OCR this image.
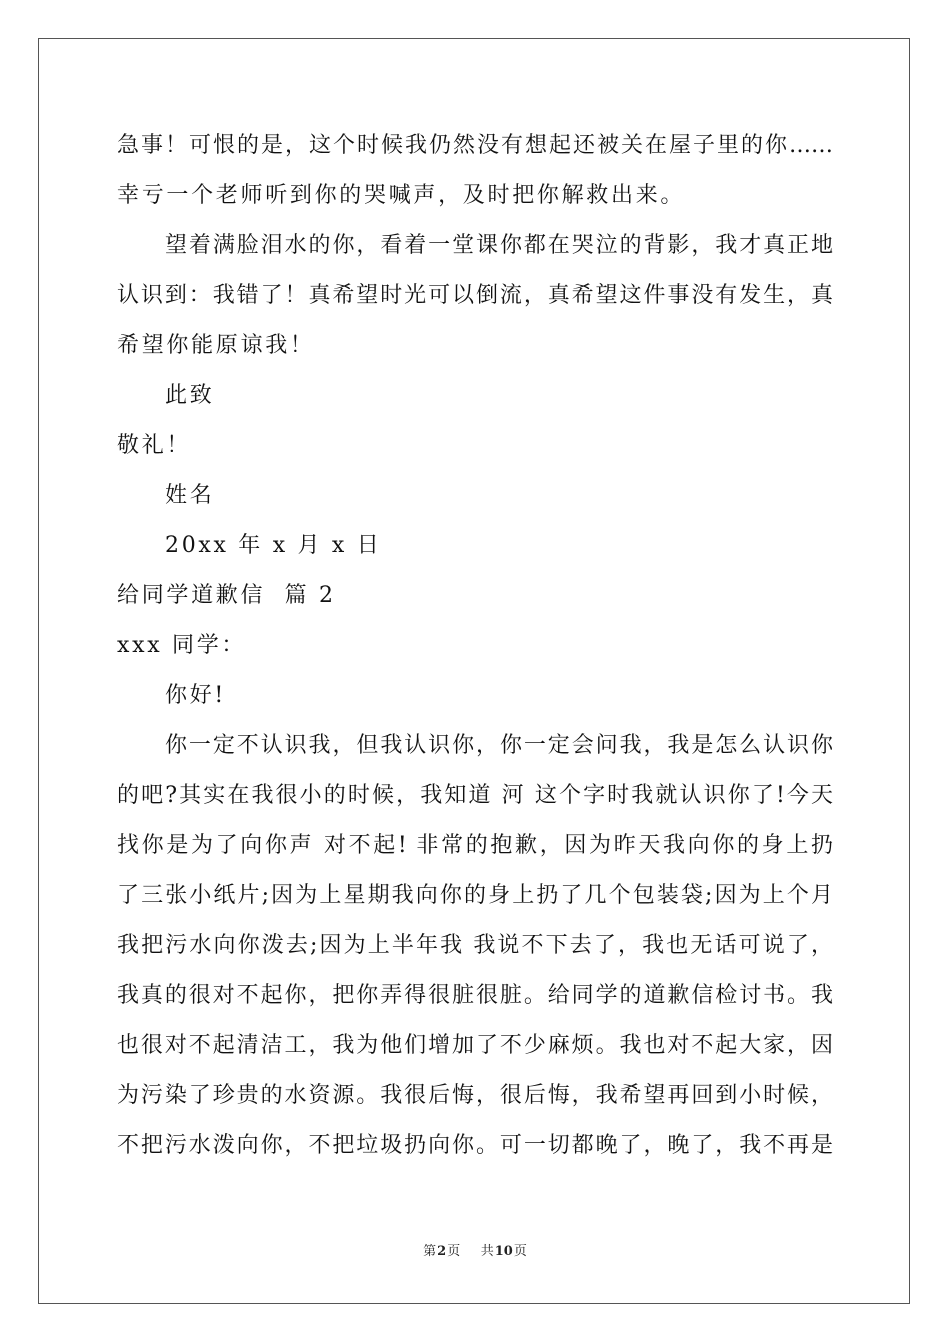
急事！可恨的是，这个时候我仍然没有想起还被关在屋子里的你……
幸亏一个老师听到你的哭喊声，及时把你解救出来。
望着满脸泪水的你，看着一堂课你都在哭泣的背影，我才真正地
认识到：我错了！真希望时光可以倒流，真希望这件事没有发生，真
希望你能原谅我！
此致
敬礼！
姓名
20xx 年 x 月 x 日
给同学道歉信  篇 2
xxx 同学：
你好!
你一定不认识我，但我认识你，你一定会问我，我是怎么认识你
的吧?其实在我很小的时候，我知道 河 这个字时我就认识你了!今天
找你是为了向你声 对不起! 非常的抱歉，因为昨天我向你的身上扔
了三张小纸片;因为上星期我向你的身上扔了几个包装袋;因为上个月
我把污水向你泼去;因为上半年我 我说不下去了，我也无话可说了，
我真的很对不起你，把你弄得很脏很脏。给同学的道歉信检讨书。我
也很对不起清洁工，我为他们增加了不少麻烦。我也对不起大家，因
为污染了珍贵的水资源。我很后悔，很后悔，我希望再回到小时候，
不把污水泼向你，不把垃圾扔向你。可一切都晚了，晚了，我不再是
第2页 共10页
